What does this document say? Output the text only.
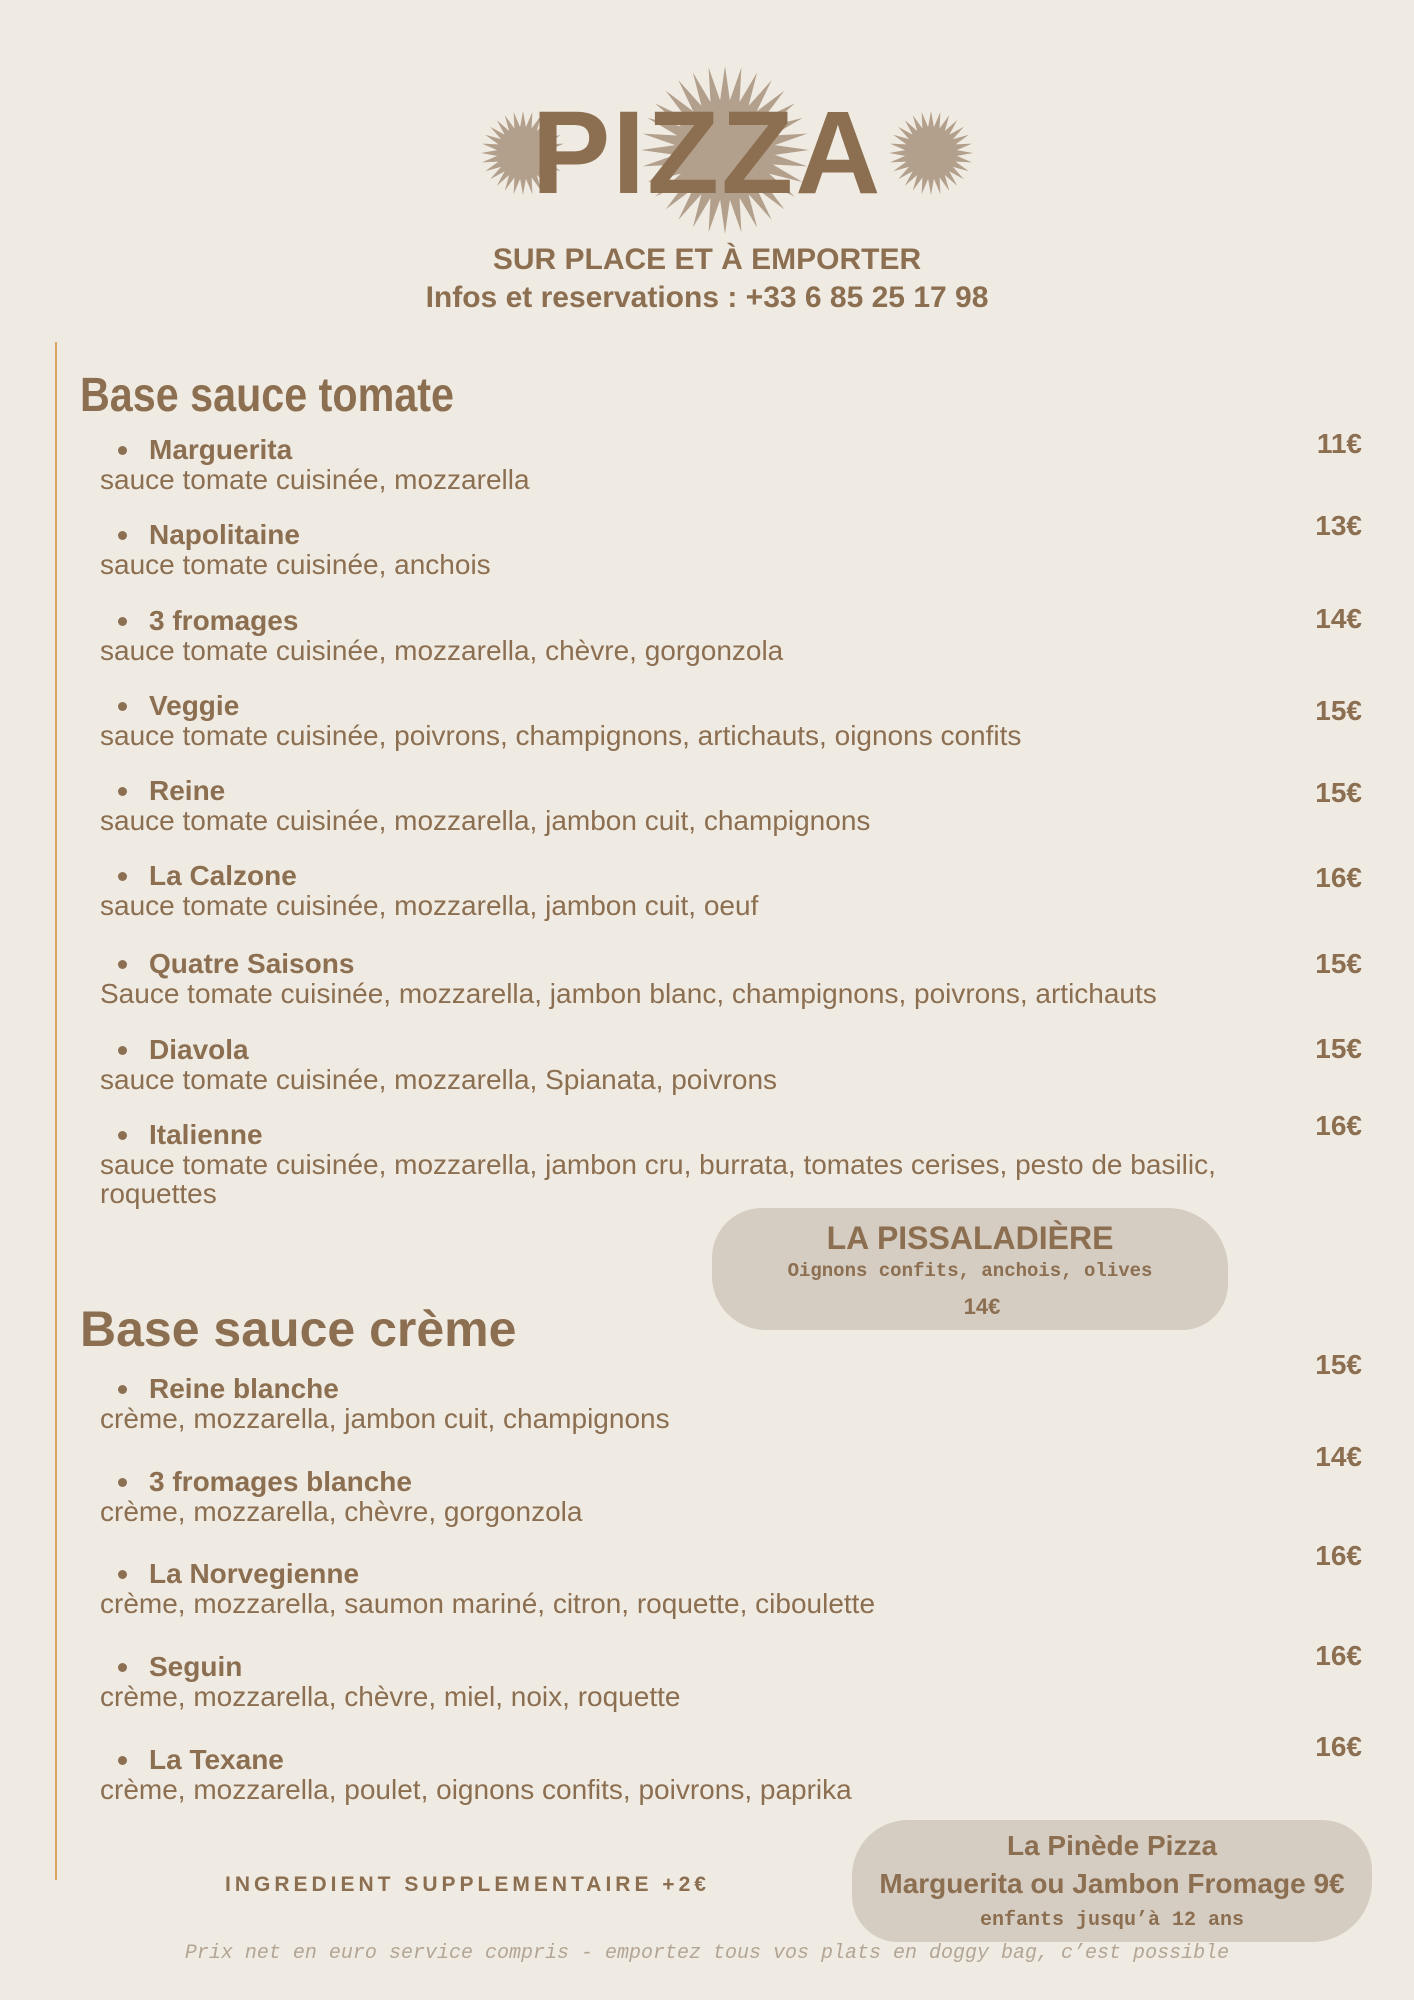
PIZZA
SUR PLACE ET À EMPORTER
Infos et reservations : +33 6 85 25 17 98
Base sauce tomate
Marguerita
sauce tomate cuisinée, mozzarella
11€
Napolitaine
sauce tomate cuisinée, anchois
13€
3 fromages
sauce tomate cuisinée, mozzarella, chèvre, gorgonzola
14€
Veggie
sauce tomate cuisinée, poivrons, champignons, artichauts, oignons confits
15€
Reine
sauce tomate cuisinée, mozzarella, jambon cuit, champignons
15€
La Calzone
sauce tomate cuisinée, mozzarella, jambon cuit, oeuf
16€
Quatre Saisons
Sauce tomate cuisinée, mozzarella, jambon blanc, champignons, poivrons, artichauts
15€
Diavola
sauce tomate cuisinée, mozzarella, Spianata, poivrons
15€
Italienne
sauce tomate cuisinée, mozzarella, jambon cru, burrata, tomates cerises, pesto de basilic, roquettes
16€
LA PISSALADIÈRE
Oignons confits, anchois, olives
14€
Base sauce crème
Reine blanche
crème, mozzarella, jambon cuit, champignons
15€
3 fromages blanche
crème, mozzarella, chèvre, gorgonzola
14€
La Norvegienne
crème, mozzarella, saumon mariné, citron, roquette, ciboulette
16€
Seguin
crème, mozzarella, chèvre, miel, noix, roquette
16€
La Texane
crème, mozzarella, poulet, oignons confits, poivrons, paprika
16€
La Pinède Pizza
Marguerita ou Jambon Fromage 9€
enfants jusqu’à 12 ans
INGREDIENT SUPPLEMENTAIRE +2€
Prix net en euro service compris - emportez tous vos plats en doggy bag, c’est possible
